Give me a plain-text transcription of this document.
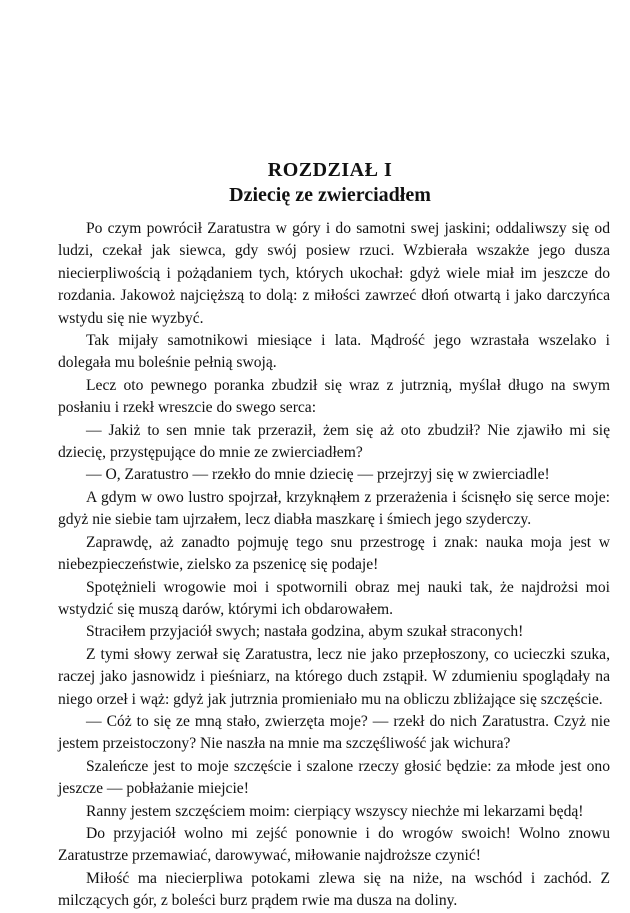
ROZDZIAŁ I
Dziecię ze zwierciadłem

Po czym powrócił Zaratustra w góry i do samotni swej jaskini; oddaliwszy się od ludzi, czekał jak siewca, gdy swój posiew rzuci. Wzbierała wszakże jego dusza niecierpliwością i pożądaniem tych, których ukochał: gdyż wiele miał im jeszcze do rozdania. Jakowoż najcięższą to dolą: z miłości zawrzeć dłoń otwartą i jako darczyńca wstydu się nie wyzbyć.

Tak mijały samotnikowi miesiące i lata. Mądrość jego wzrastała wszelako i dolegała mu boleśnie pełnią swoją.

Lecz oto pewnego poranka zbudził się wraz z jutrznią, myślał długo na swym posłaniu i rzekł wreszcie do swego serca:

— Jakiż to sen mnie tak przeraził, żem się aż oto zbudził? Nie zjawiło mi się dziecię, przystępujące do mnie ze zwierciadłem?

— O, Zaratustro — rzekło do mnie dziecię — przejrzyj się w zwierciadle!

A gdym w owo lustro spojrzał, krzyknąłem z przerażenia i ścisnęło się serce moje: gdyż nie siebie tam ujrzałem, lecz diabła maszkarę i śmiech jego szyderczy.

Zaprawdę, aż zanadto pojmuję tego snu przestrogę i znak: nauka moja jest w niebezpieczeństwie, zielsko za pszenicę się podaje!

Spotężnieli wrogowie moi i spotwornili obraz mej nauki tak, że najdrożsi moi wstydzić się muszą darów, którymi ich obdarowałem.

Straciłem przyjaciół swych; nastała godzina, abym szukał straconych!

Z tymi słowy zerwał się Zaratustra, lecz nie jako przepłoszony, co ucieczki szuka, raczej jako jasnowidz i pieśniarz, na którego duch zstąpił. W zdumieniu spoglądały na niego orzeł i wąż: gdyż jak jutrznia promieniało mu na obliczu zbliżające się szczęście.

— Cóż to się ze mną stało, zwierzęta moje? — rzekł do nich Zaratustra. Czyż nie jestem przeistoczony? Nie naszła na mnie ma szczęśliwość jak wichura?

Szaleńcze jest to moje szczęście i szalone rzeczy głosić będzie: za młode jest ono jeszcze — pobłażanie miejcie!

Ranny jestem szczęściem moim: cierpiący wszyscy niechże mi lekarzami będą!

Do przyjaciół wolno mi zejść ponownie i do wrogów swoich! Wolno znowu Zaratustrze przemawiać, darowywać, miłowanie najdroższe czynić!

Miłość ma niecierpliwa potokami zlewa się na niże, na wschód i zachód. Z milczących gór, z boleści burz prądem rwie ma dusza na doliny.
